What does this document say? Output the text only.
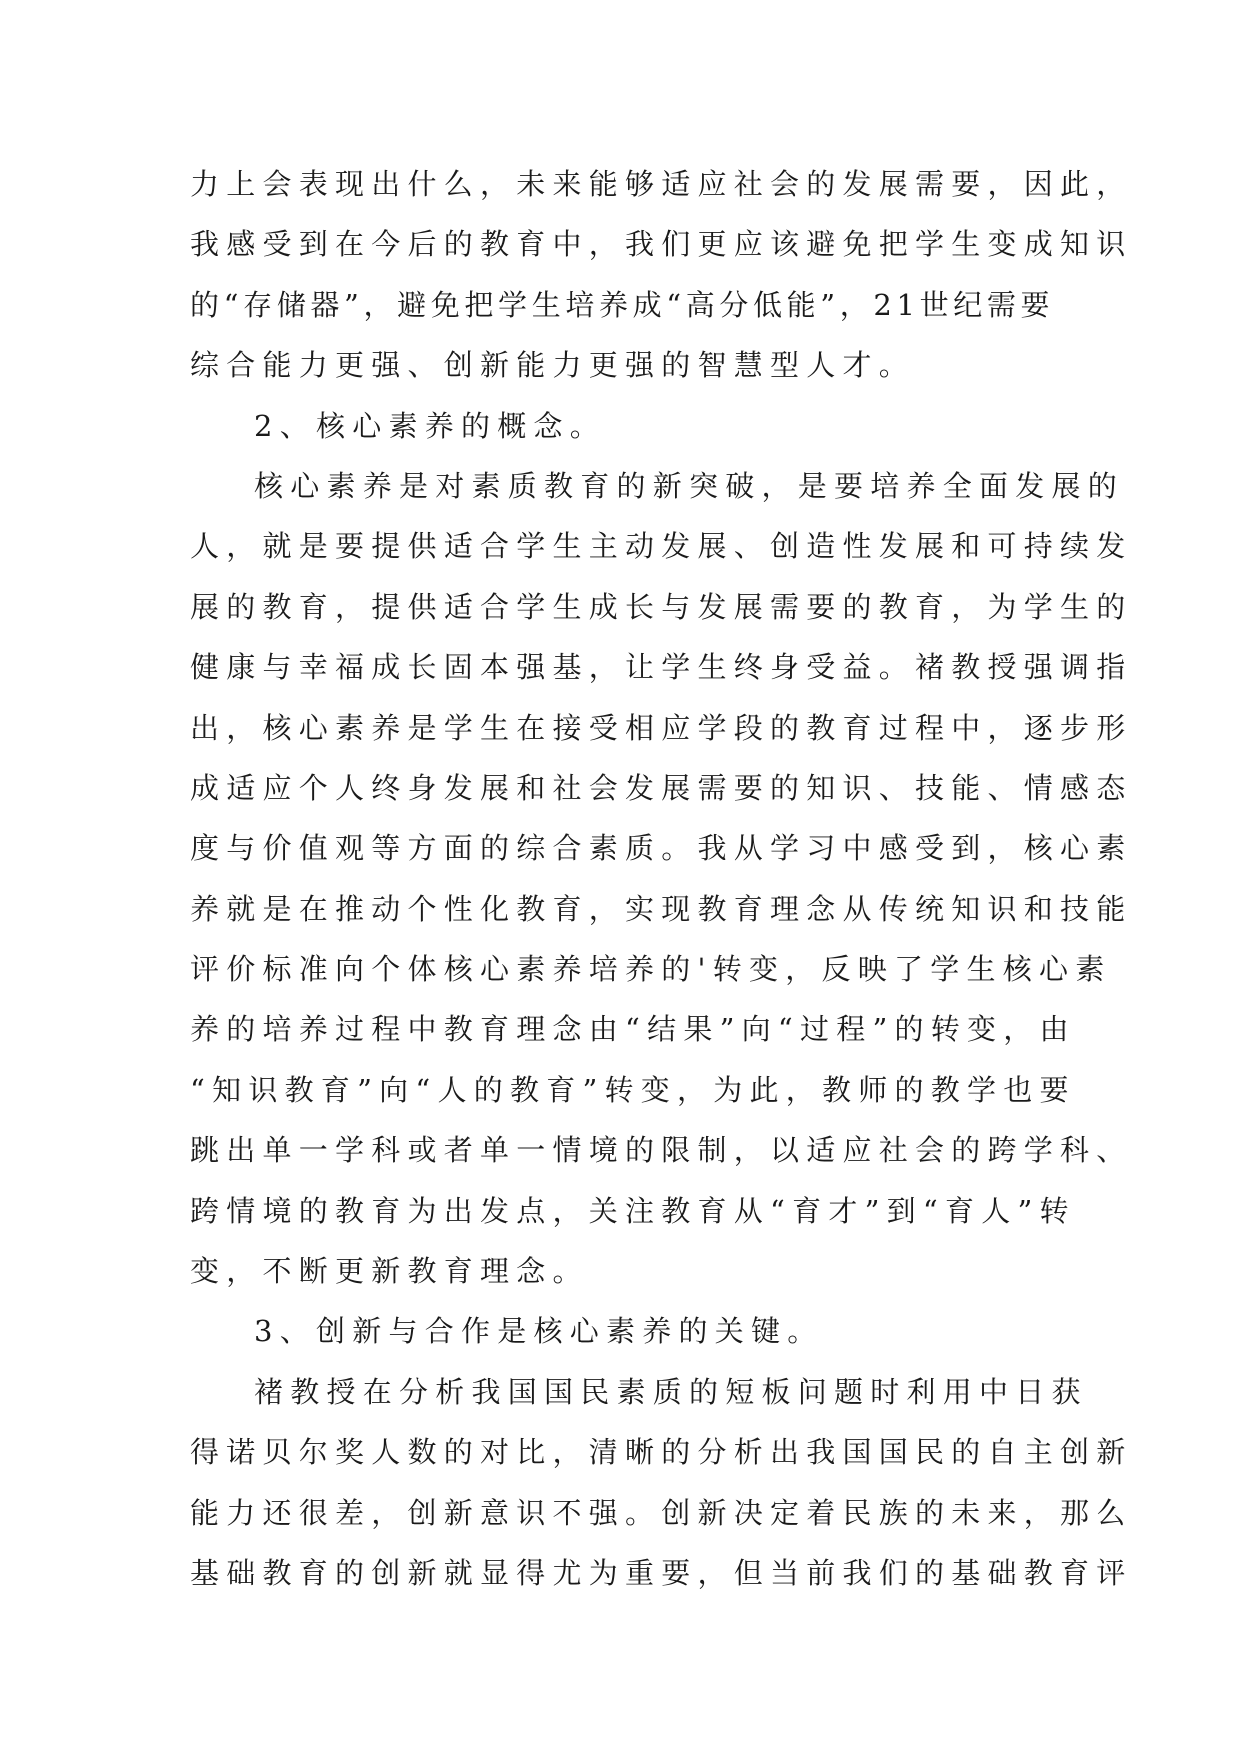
力上会表现出什么，未来能够适应社会的发展需要，因此，
我感受到在今后的教育中，我们更应该避免把学生变成知识
的“存储器”，避免把学生培养成“高分低能”，21世纪需要
综合能力更强、创新能力更强的智慧型人才。
2、核心素养的概念。
核心素养是对素质教育的新突破，是要培养全面发展的
人，就是要提供适合学生主动发展、创造性发展和可持续发
展的教育，提供适合学生成长与发展需要的教育，为学生的
健康与幸福成长固本强基，让学生终身受益。褚教授强调指
出，核心素养是学生在接受相应学段的教育过程中，逐步形
成适应个人终身发展和社会发展需要的知识、技能、情感态
度与价值观等方面的综合素质。我从学习中感受到，核心素
养就是在推动个性化教育，实现教育理念从传统知识和技能
评价标准向个体核心素养培养的'转变，反映了学生核心素
养的培养过程中教育理念由“结果”向“过程”的转变，由
“知识教育”向“人的教育”转变，为此，教师的教学也要
跳出单一学科或者单一情境的限制，以适应社会的跨学科、
跨情境的教育为出发点，关注教育从“育才”到“育人”转
变，不断更新教育理念。
3、创新与合作是核心素养的关键。
褚教授在分析我国国民素质的短板问题时利用中日获
得诺贝尔奖人数的对比，清晰的分析出我国国民的自主创新
能力还很差，创新意识不强。创新决定着民族的未来，那么
基础教育的创新就显得尤为重要，但当前我们的基础教育评
